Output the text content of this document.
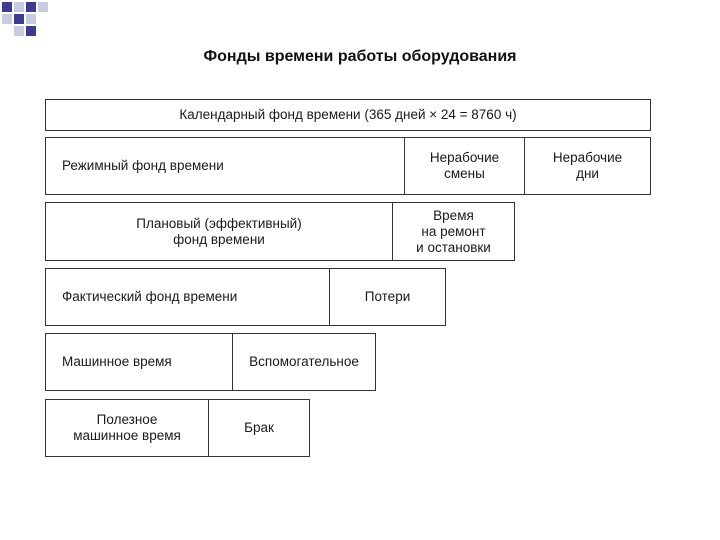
Фонды времени работы оборудования
Календарный фонд времени (365 дней × 24 = 8760 ч)
Режимный фонд времени
Нерабочие
смены
Нерабочие
дни
Плановый (эффективный)
фонд времени
Время
на ремонт
и остановки
Фактический фонд времени	Потери
Машинное время	Вспомогательное
Полезное
машинное время
Брак
